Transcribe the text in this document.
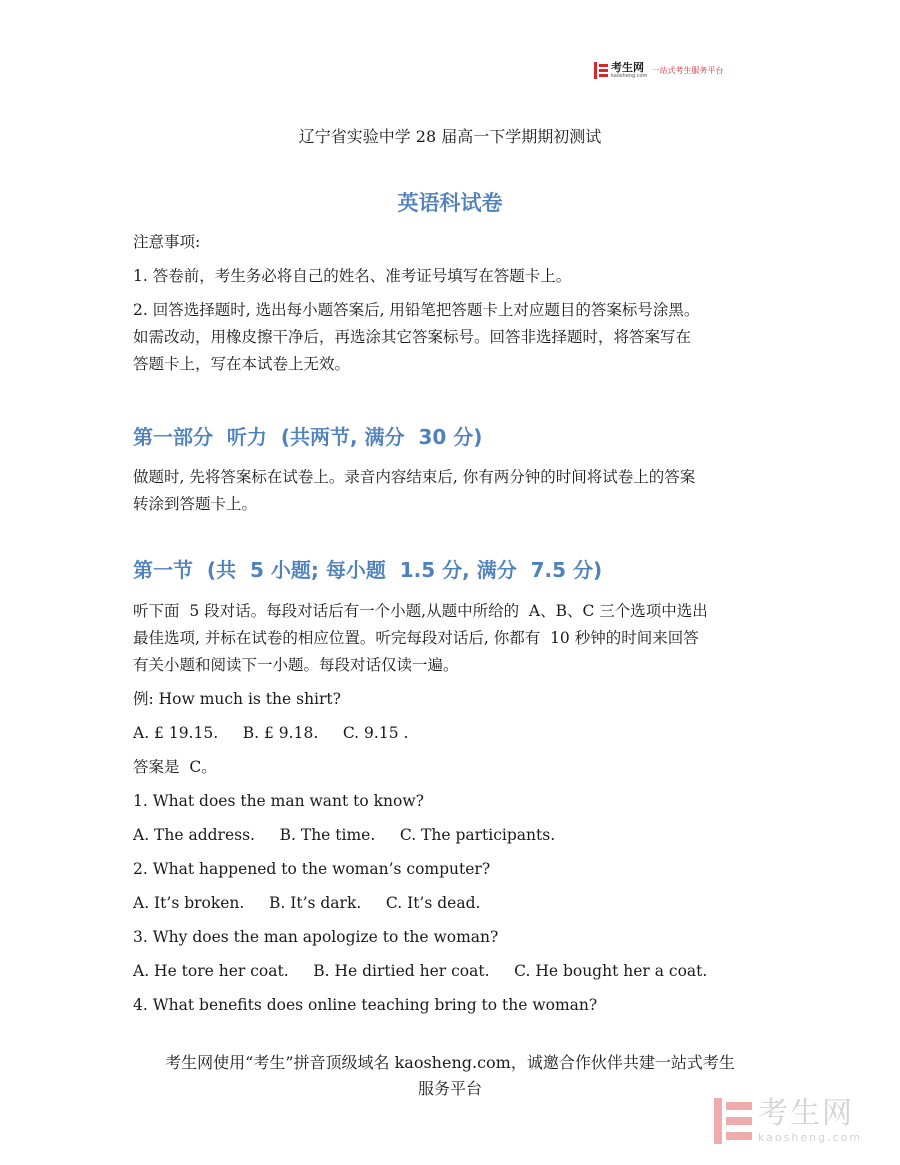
考生网
kaosheng.com
一站式考生服务平台
辽宁省实验中学 28 届高一下学期期初测试
英语科试卷

注意事项:

1. 答卷前，考生务必将自己的姓名、准考证号填写在答题卡上。

2. 回答选择题时, 选出每小题答案后, 用铅笔把答题卡上对应题目的答案标号涂黑。

如需改动，用橡皮擦干净后，再选涂其它答案标号。回答非选择题时，将答案写在

答题卡上，写在本试卷上无效。

第一部分  听力  (共两节, 满分  30 分)

做题时, 先将答案标在试卷上。录音内容结束后, 你有两分钟的时间将试卷上的答案

转涂到答题卡上。

第一节  (共  5 小题; 每小题  1.5 分, 满分  7.5 分)

听下面  5 段对话。每段对话后有一个小题,从题中所给的  A、B、C 三个选项中选出

最佳选项, 并标在试卷的相应位置。听完每段对话后, 你都有  10 秒钟的时间来回答

有关小题和阅读下一小题。每段对话仅读一遍。

例: How much is the shirt?

A. £ 19.15.     B. £ 9.18.     C. 9.15 .

答案是  C。

1. What does the man want to know?

A. The address.     B. The time.     C. The participants.

2. What happened to the woman’s computer?

A. It’s broken.     B. It’s dark.     C. It’s dead.

3. Why does the man apologize to the woman?

A. He tore her coat.     B. He dirtied her coat.     C. He bought her a coat.

4. What benefits does online teaching bring to the woman?

考生网使用“考生”拼音顶级域名 kaosheng.com，诚邀合作伙伴共建一站式考生
服务平台
考生网
kaosheng.com
